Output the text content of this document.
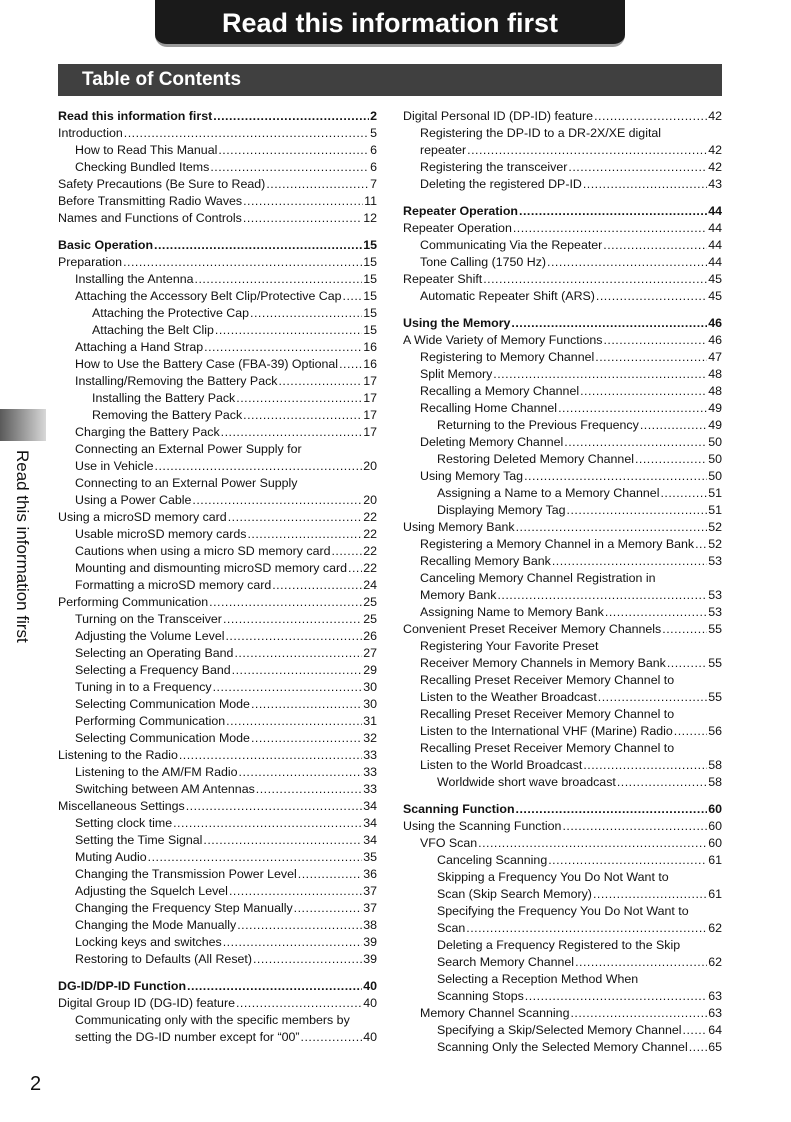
Read this information first
Table of Contents
Read this information first
Read this information first .....	2
Introduction .....	5
How to Read This Manual .....	6
Checking Bundled Items .....	6
Safety Precautions (Be Sure to Read) .....	7
Before Transmitting Radio Waves .....	11
Names and Functions of Controls .....	12
Basic Operation .....	15
Preparation .....	15
Installing the Antenna .....	15
Attaching the Accessory Belt Clip/Protective Cap ..... 15
Attaching the Protective Cap .....	15
Attaching the Belt Clip .....	15
Attaching a Hand Strap .....	16
How to Use the Battery Case (FBA-39) Optional ..... 16
Installing/Removing the Battery Pack .....	17
Installing the Battery Pack .....	17
Removing the Battery Pack .....	17
Charging the Battery Pack .....	17
Connecting an External Power Supply for
Use in Vehicle .....	20
Connecting to an External Power Supply
Using a Power Cable .....	20
Using a microSD memory card .....	22
Usable microSD memory cards .....	22
Cautions when using a micro SD memory card .....	22
Mounting and dismounting microSD memory card ..... 22
Formatting a microSD memory card .....	24
Performing Communication .....	25
Turning on the Transceiver .....	25
Adjusting the Volume Level .....	26
Selecting an Operating Band .....	27
Selecting a Frequency Band .....	29
Tuning in to a Frequency .....	30
Selecting Communication Mode .....	30
Performing Communication .....	31
Selecting Communication Mode .....	32
Listening to the Radio .....	33
Listening to the AM/FM Radio .....	33
Switching between AM Antennas .....	33
Miscellaneous Settings .....	34
Setting clock time .....	34
Setting the Time Signal .....	34
Muting Audio .....	35
Changing the Transmission Power Level .....	36
Adjusting the Squelch Level .....	37
Changing the Frequency Step Manually .....	37
Changing the Mode Manually .....	38
Locking keys and switches .....	39
Restoring to Defaults (All Reset) .....	39
DG-ID/DP-ID Function .....	40
Digital Group ID (DG-ID) feature .....	40
Communicating only with the specific members by
setting the DG-ID number except for “00” .....	40
Digital Personal ID (DP-ID) feature .....	42
Registering the DP-ID to a DR-2X/XE digital
repeater .....	42
Registering the transceiver .....	42
Deleting the registered DP-ID .....	43
Repeater Operation .....	44
Repeater Operation .....	44
Communicating Via the Repeater .....	44
Tone Calling (1750 Hz) .....	44
Repeater Shift .....	45
Automatic Repeater Shift (ARS) .....	45
Using the Memory .....	46
A Wide Variety of Memory Functions .....	46
Registering to Memory Channel .....	47
Split Memory .....	48
Recalling a Memory Channel .....	48
Recalling Home Channel .....	49
Returning to the Previous Frequency .....	49
Deleting Memory Channel .....	50
Restoring Deleted Memory Channel .....	50
Using Memory Tag .....	50
Assigning a Name to a Memory Channel .....	51
Displaying Memory Tag .....	51
Using Memory Bank .....	52
Registering a Memory Channel in a Memory Bank ..... 52
Recalling Memory Bank .....	53
Canceling Memory Channel Registration in
Memory Bank .....	53
Assigning Name to Memory Bank .....	53
Convenient Preset Receiver Memory Channels .....	55
Registering Your Favorite Preset
Receiver Memory Channels in Memory Bank .....	55
Recalling Preset Receiver Memory Channel to
Listen to the Weather Broadcast .....	55
Recalling Preset Receiver Memory Channel to
Listen to the International VHF (Marine) Radio .....	56
Recalling Preset Receiver Memory Channel to
Listen to the World Broadcast .....	58
Worldwide short wave broadcast .....	58
Scanning Function .....	60
Using the Scanning Function .....	60
VFO Scan .....	60
Canceling Scanning .....	61
Skipping a Frequency You Do Not Want to
Scan (Skip Search Memory) .....	61
Specifying the Frequency You Do Not Want to
Scan .....	62
Deleting a Frequency Registered to the Skip
Search Memory Channel .....	62
Selecting a Reception Method When
Scanning Stops .....	63
Memory Channel Scanning .....	63
Specifying a Skip/Selected Memory Channel ..... 64
Scanning Only the Selected Memory Channel ..... 65
2
